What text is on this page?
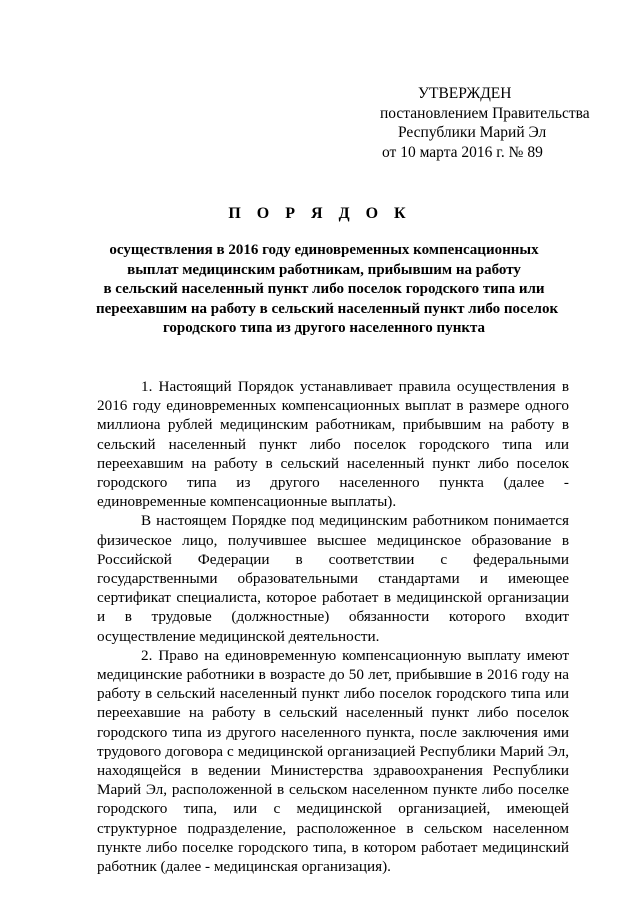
УТВЕРЖДЕН
постановлением Правительства
Республики Марий Эл
от 10 марта 2016 г. № 89
П О Р Я Д О К
осуществления в 2016 году единовременных компенсационных
выплат медицинским работникам, прибывшим на работу
в сельский населенный пункт либо поселок городского типа или
переехавшим на работу в сельский населенный пункт либо поселок
городского типа из другого населенного пункта

1. Настоящий Порядок устанавливает правила осуществления в 2016 году единовременных компенсационных выплат в размере одного миллиона рублей медицинским работникам, прибывшим на работу в сельский населенный пункт либо поселок городского типа или переехавшим на работу в сельский населенный пункт либо поселок городского типа из другого населенного пункта (далее - единовременные компенсационные выплаты).

В настоящем Порядке под медицинским работником понимается физическое лицо, получившее высшее медицинское образование в Российской Федерации в соответствии с федеральными государственными образовательными стандартами и имеющее сертификат специалиста, которое работает в медицинской организации и в трудовые (должностные) обязанности которого входит осуществление медицинской деятельности.

2. Право на единовременную компенсационную выплату имеют медицинские работники в возрасте до 50 лет, прибывшие в 2016 году на работу в сельский населенный пункт либо поселок городского типа или переехавшие на работу в сельский населенный пункт либо поселок городского типа из другого населенного пункта, после заключения ими трудового договора с медицинской организацией Республики Марий Эл, находящейся в ведении Министерства здравоохранения Республики Марий Эл, расположенной в сельском населенном пункте либо поселке городского типа, или с медицинской организацией, имеющей структурное подразделение, расположенное в сельском населенном пункте либо поселке городского типа, в котором работает медицинский работник (далее - медицинская организация).
